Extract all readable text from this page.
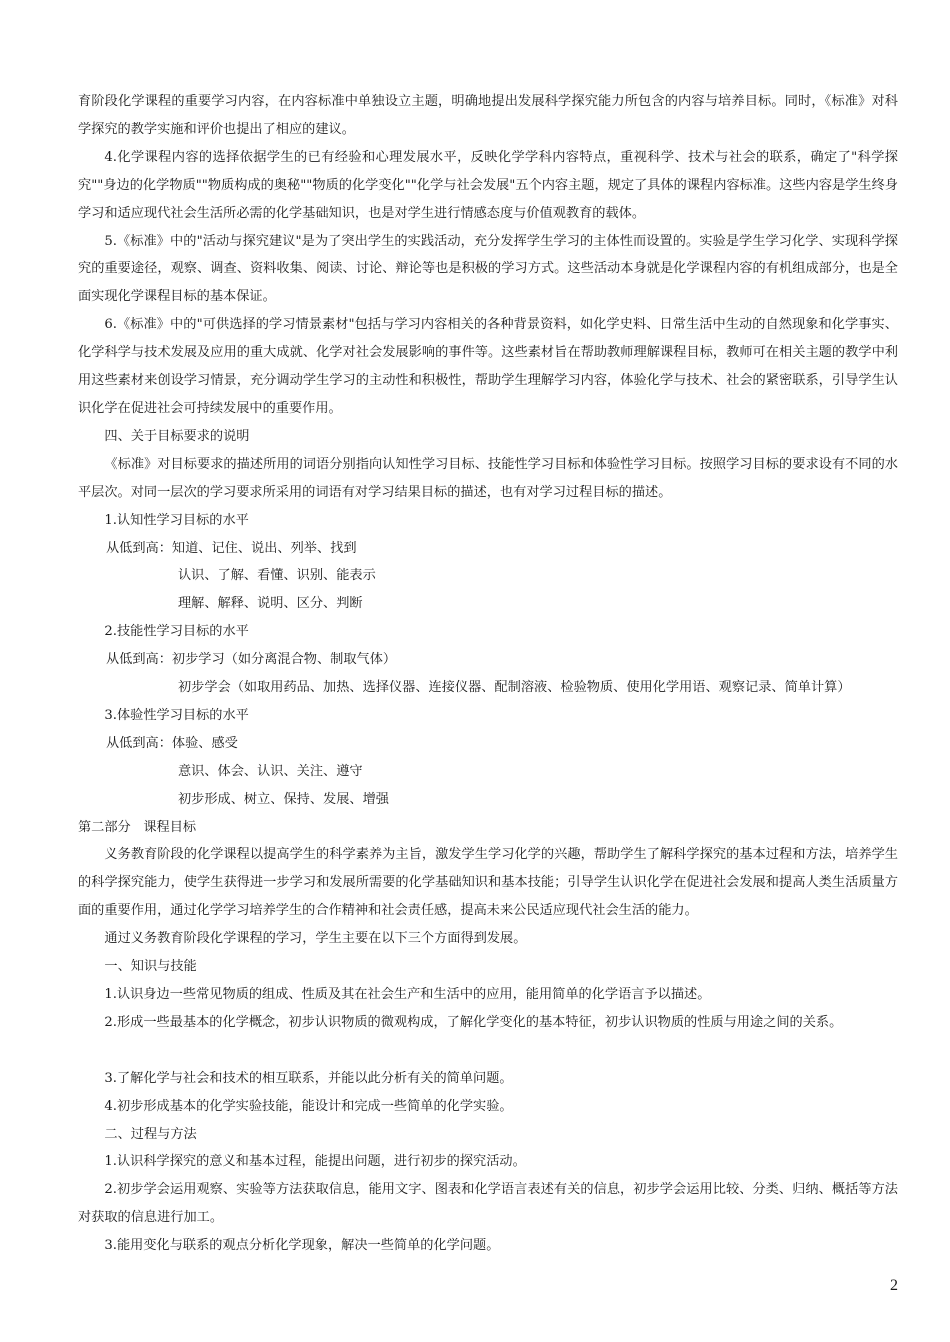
育阶段化学课程的重要学习内容，在内容标准中单独设立主题，明确地提出发展科学探究能力所包含的内容与培养目标。同时，《标准》对科学探究的教学实施和评价也提出了相应的建议。

4.化学课程内容的选择依据学生的已有经验和心理发展水平，反映化学学科内容特点，重视科学、技术与社会的联系，确定了"科学探究""身边的化学物质""物质构成的奥秘""物质的化学变化""化学与社会发展"五个内容主题，规定了具体的课程内容标准。这些内容是学生终身学习和适应现代社会生活所必需的化学基础知识，也是对学生进行情感态度与价值观教育的载体。

5.《标准》中的"活动与探究建议"是为了突出学生的实践活动，充分发挥学生学习的主体性而设置的。实验是学生学习化学、实现科学探究的重要途径，观察、调查、资料收集、阅读、讨论、辩论等也是积极的学习方式。这些活动本身就是化学课程内容的有机组成部分，也是全面实现化学课程目标的基本保证。

6.《标准》中的"可供选择的学习情景素材"包括与学习内容相关的各种背景资料，如化学史料、日常生活中生动的自然现象和化学事实、化学科学与技术发展及应用的重大成就、化学对社会发展影响的事件等。这些素材旨在帮助教师理解课程目标，教师可在相关主题的教学中利用这些素材来创设学习情景，充分调动学生学习的主动性和积极性，帮助学生理解学习内容，体验化学与技术、社会的紧密联系，引导学生认识化学在促进社会可持续发展中的重要作用。

四、关于目标要求的说明

《标准》对目标要求的描述所用的词语分别指向认知性学习目标、技能性学习目标和体验性学习目标。按照学习目标的要求设有不同的水平层次。对同一层次的学习要求所采用的词语有对学习结果目标的描述，也有对学习过程目标的描述。

1.认知性学习目标的水平

从低到高：知道、记住、说出、列举、找到

认识、了解、看懂、识别、能表示

理解、解释、说明、区分、判断

2.技能性学习目标的水平

从低到高：初步学习（如分离混合物、制取气体）

初步学会（如取用药品、加热、选择仪器、连接仪器、配制溶液、检验物质、使用化学用语、观察记录、简单计算）

3.体验性学习目标的水平

从低到高：体验、感受

意识、体会、认识、关注、遵守

初步形成、树立、保持、发展、增强

第二部分   课程目标

义务教育阶段的化学课程以提高学生的科学素养为主旨，激发学生学习化学的兴趣，帮助学生了解科学探究的基本过程和方法，培养学生的科学探究能力，使学生获得进一步学习和发展所需要的化学基础知识和基本技能；引导学生认识化学在促进社会发展和提高人类生活质量方面的重要作用，通过化学学习培养学生的合作精神和社会责任感，提高未来公民适应现代社会生活的能力。

通过义务教育阶段化学课程的学习，学生主要在以下三个方面得到发展。

一、知识与技能

1.认识身边一些常见物质的组成、性质及其在社会生产和生活中的应用，能用简单的化学语言予以描述。

2.形成一些最基本的化学概念，初步认识物质的微观构成，了解化学变化的基本特征，初步认识物质的性质与用途之间的关系。

3.了解化学与社会和技术的相互联系，并能以此分析有关的简单问题。

4.初步形成基本的化学实验技能，能设计和完成一些简单的化学实验。

二、过程与方法

1.认识科学探究的意义和基本过程，能提出问题，进行初步的探究活动。

2.初步学会运用观察、实验等方法获取信息，能用文字、图表和化学语言表述有关的信息，初步学会运用比较、分类、归纳、概括等方法对获取的信息进行加工。

3.能用变化与联系的观点分析化学现象，解决一些简单的化学问题。

2
